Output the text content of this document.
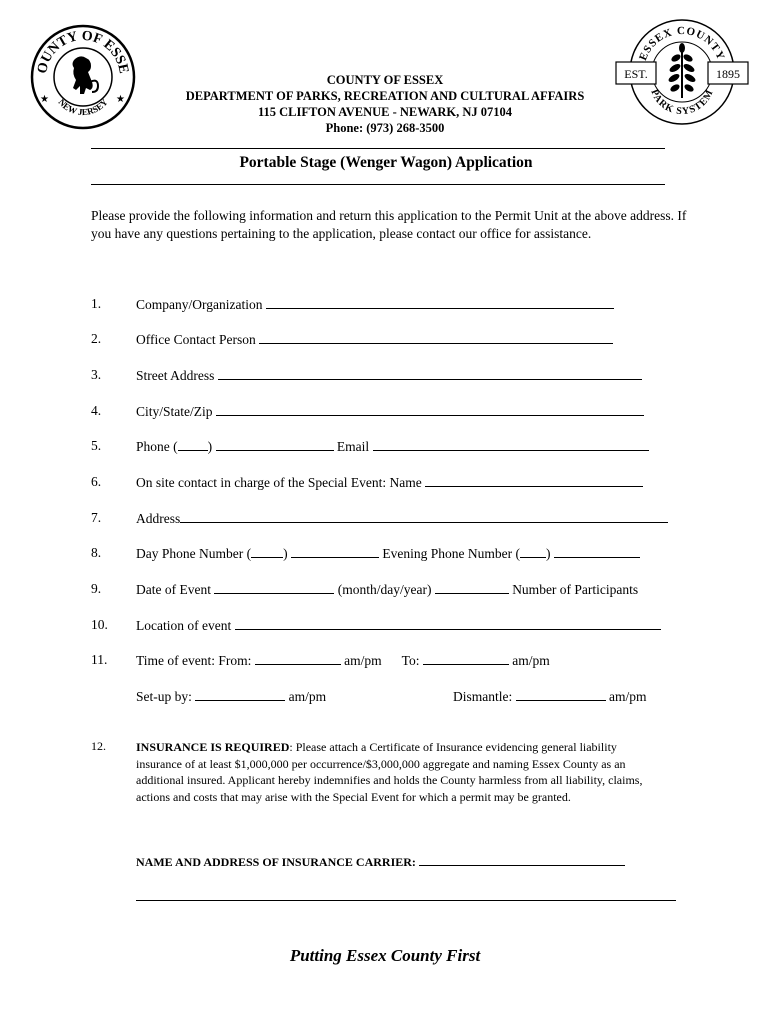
OUNTY OF ESSE
NEW JERSEY
★	★
ESSEX COUNTY
PARK SYSTEM
EST.	1895
COUNTY OF ESSEX
DEPARTMENT OF PARKS, RECREATION AND CULTURAL AFFAIRS
115 CLIFTON AVENUE - NEWARK, NJ 07104
Phone: (973) 268-3500
Portable Stage (Wenger Wagon) Application
Please provide the following information and return this application to the Permit Unit at the above address. If you have any questions pertaining to the application, please contact our office for assistance.
1.	Company/Organization
2.	Office Contact Person
3.	Street Address
4.	City/State/Zip
5.	Phone ( )	Email
6.	On site contact in charge of the Special Event: Name
7.	Address
8.	Day Phone Number ( )	Evening Phone Number ( )
9.	Date of Event	(month/day/year)	Number of Participants
10. Location of event
11. Time of event: From:	am/pm To:	am/pm
Set-up by:	am/pm	Dismantle:	am/pm
12.	INSURANCE IS REQUIRED: Please attach a Certificate of Insurance evidencing general liability insurance of at least $1,000,000 per occurrence/$3,000,000 aggregate and naming Essex County as an additional insured. Applicant hereby indemnifies and holds the County harmless from all liability, claims, actions and costs that may arise with the Special Event for which a permit may be granted.
NAME AND ADDRESS OF INSURANCE CARRIER:
Putting Essex County First
